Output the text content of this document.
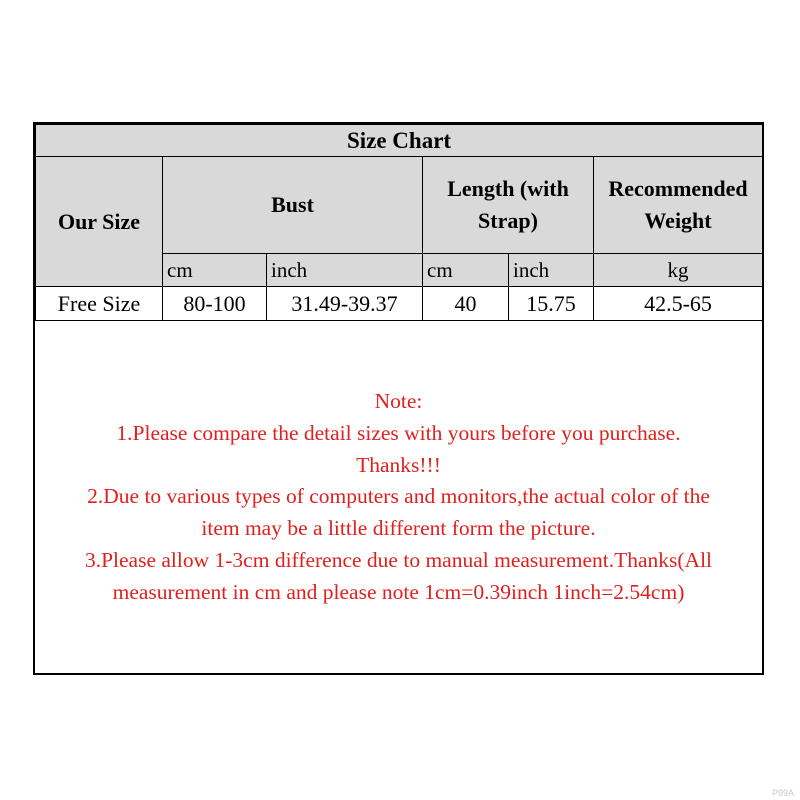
Size Chart					
Our Size	Bust		Length (with Strap)		Recommended Weight
	cm	inch	cm	inch	kg
Free Size	80-100	31.49-39.37	40	15.75	42.5-65
Note:
1.Please compare the detail sizes with yours before you purchase.
Thanks!!!
2.Due to various types of computers and monitors,the actual color of the
item may be a little different form the picture.
3.Please allow 1-3cm difference due to manual measurement.Thanks(All
measurement in cm and please note 1cm=0.39inch 1inch=2.54cm)
P99A
